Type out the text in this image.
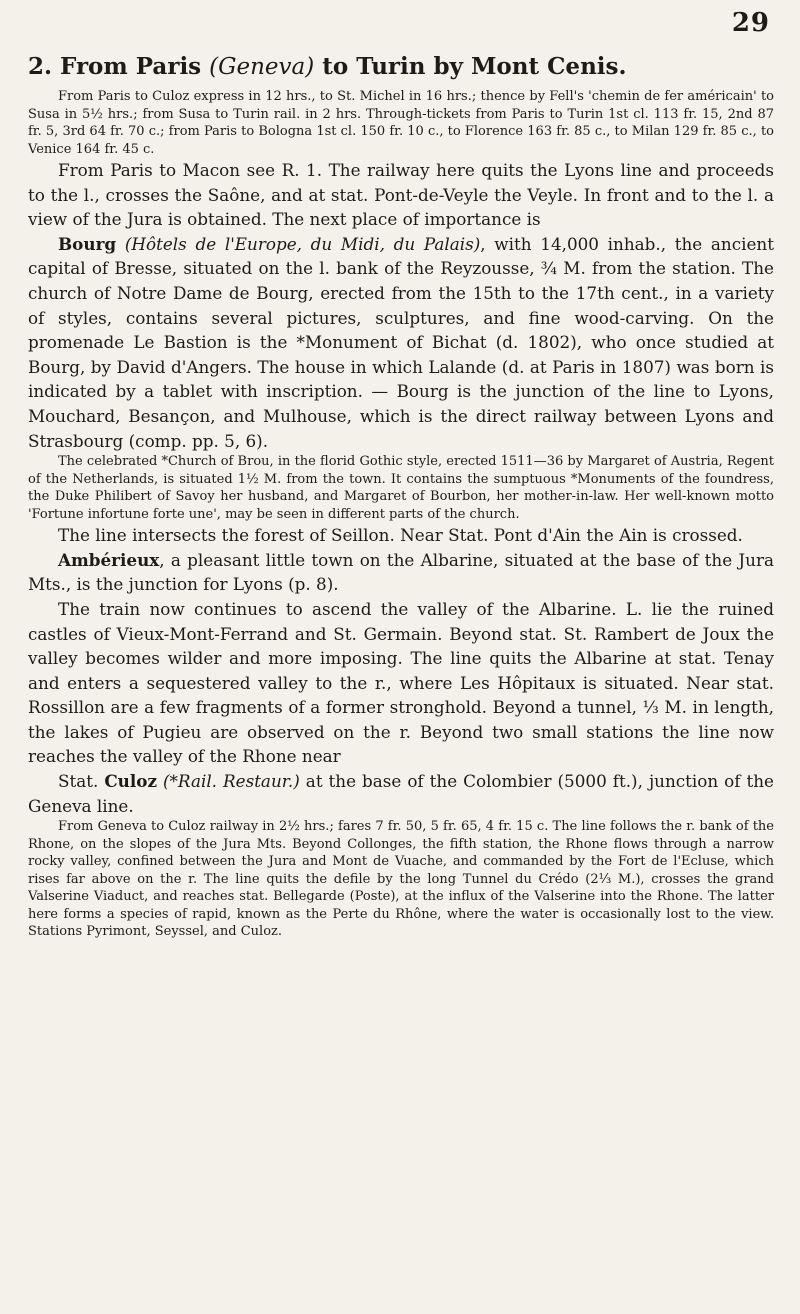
29
2. From Paris (Geneva) to Turin by Mont Cenis.

From Paris to Culoz express in 12 hrs., to St. Michel in 16 hrs.; thence by Fell's 'chemin de fer américain' to Susa in 5½ hrs.; from Susa to Turin rail. in 2 hrs. Through-tickets from Paris to Turin 1st cl. 113 fr. 15, 2nd 87 fr. 5, 3rd 64 fr. 70 c.; from Paris to Bologna 1st cl. 150 fr. 10 c., to Florence 163 fr. 85 c., to Milan 129 fr. 85 c., to Venice 164 fr. 45 c.

From Paris to Macon see R. 1. The railway here quits the Lyons line and proceeds to the l., crosses the Saône, and at stat. Pont-de-Veyle the Veyle. In front and to the l. a view of the Jura is obtained. The next place of importance is

Bourg (Hôtels de l'Europe, du Midi, du Palais), with 14,000 inhab., the ancient capital of Bresse, situated on the l. bank of the Reyzousse, ¾ M. from the station. The church of Notre Dame de Bourg, erected from the 15th to the 17th cent., in a variety of styles, contains several pictures, sculptures, and fine wood-carving. On the promenade Le Bastion is the *Monument of Bichat (d. 1802), who once studied at Bourg, by David d'Angers. The house in which Lalande (d. at Paris in 1807) was born is indicated by a tablet with inscription. — Bourg is the junction of the line to Lyons, Mouchard, Besançon, and Mulhouse, which is the direct railway between Lyons and Strasbourg (comp. pp. 5, 6).

The celebrated *Church of Brou, in the florid Gothic style, erected 1511—36 by Margaret of Austria, Regent of the Netherlands, is situated 1½ M. from the town. It contains the sumptuous *Monuments of the foundress, the Duke Philibert of Savoy her husband, and Margaret of Bourbon, her mother-in-law. Her well-known motto 'Fortune infortune forte une', may be seen in different parts of the church.

The line intersects the forest of Seillon. Near Stat. Pont d'Ain the Ain is crossed.

Ambérieux, a pleasant little town on the Albarine, situated at the base of the Jura Mts., is the junction for Lyons (p. 8).

The train now continues to ascend the valley of the Albarine. L. lie the ruined castles of Vieux-Mont-Ferrand and St. Germain. Beyond stat. St. Rambert de Joux the valley becomes wilder and more imposing. The line quits the Albarine at stat. Tenay and enters a sequestered valley to the r., where Les Hôpitaux is situated. Near stat. Rossillon are a few fragments of a former stronghold. Beyond a tunnel, ⅓ M. in length, the lakes of Pugieu are observed on the r. Beyond two small stations the line now reaches the valley of the Rhone near

Stat. Culoz (*Rail. Restaur.) at the base of the Colombier (5000 ft.), junction of the Geneva line.

From Geneva to Culoz railway in 2½ hrs.; fares 7 fr. 50, 5 fr. 65, 4 fr. 15 c. The line follows the r. bank of the Rhone, on the slopes of the Jura Mts. Beyond Collonges, the fifth station, the Rhone flows through a narrow rocky valley, confined between the Jura and Mont de Vuache, and commanded by the Fort de l'Ecluse, which rises far above on the r. The line quits the defile by the long Tunnel du Crédo (2⅓ M.), crosses the grand Valserine Viaduct, and reaches stat. Bellegarde (Poste), at the influx of the Valserine into the Rhone. The latter here forms a species of rapid, known as the Perte du Rhône, where the water is occasionally lost to the view. Stations Pyrimont, Seyssel, and Culoz.
